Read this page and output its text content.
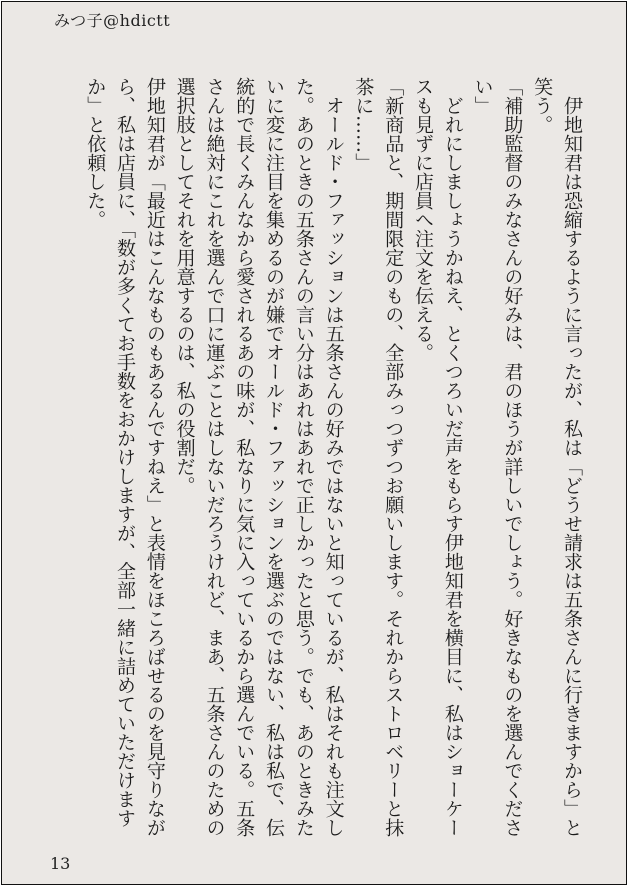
みつ子@hdictt

　伊地知君は恐縮するように言ったが、私は「どうせ請求は五条さんに行きますから」と笑う。

「補助監督のみなさんの好みは、君のほうが詳しいでしょう。好きなものを選んでください」

　どれにしましょうかねえ、とくつろいだ声をもらす伊地知君を横目に、私はショーケースも見ずに店員へ注文を伝える。

「新商品と、期間限定のもの、全部みっつずつお願いします。それからストロベリーと抹茶に……」

　オールド・ファッションは五条さんの好みではないと知っているが、私はそれも注文した。あのときの五条さんの言い分はあれはあれで正しかったと思う。でも、あのときみたいに変に注目を集めるのが嫌でオールド・ファッションを選ぶのではない、私は私で、伝統的で長くみんなから愛されるあの味が、私なりに気に入っているから選んでいる。五条さんは絶対にこれを選んで口に運ぶことはしないだろうけれど、まあ、五条さんのための選択肢としてそれを用意するのは、私の役割だ。

伊地知君が「最近はこんなものもあるんですねえ」と表情をほころばせるのを見守りながら、私は店員に、「数が多くてお手数をおかけしますが、全部一緒に詰めていただけますか」と依頼した。

13
